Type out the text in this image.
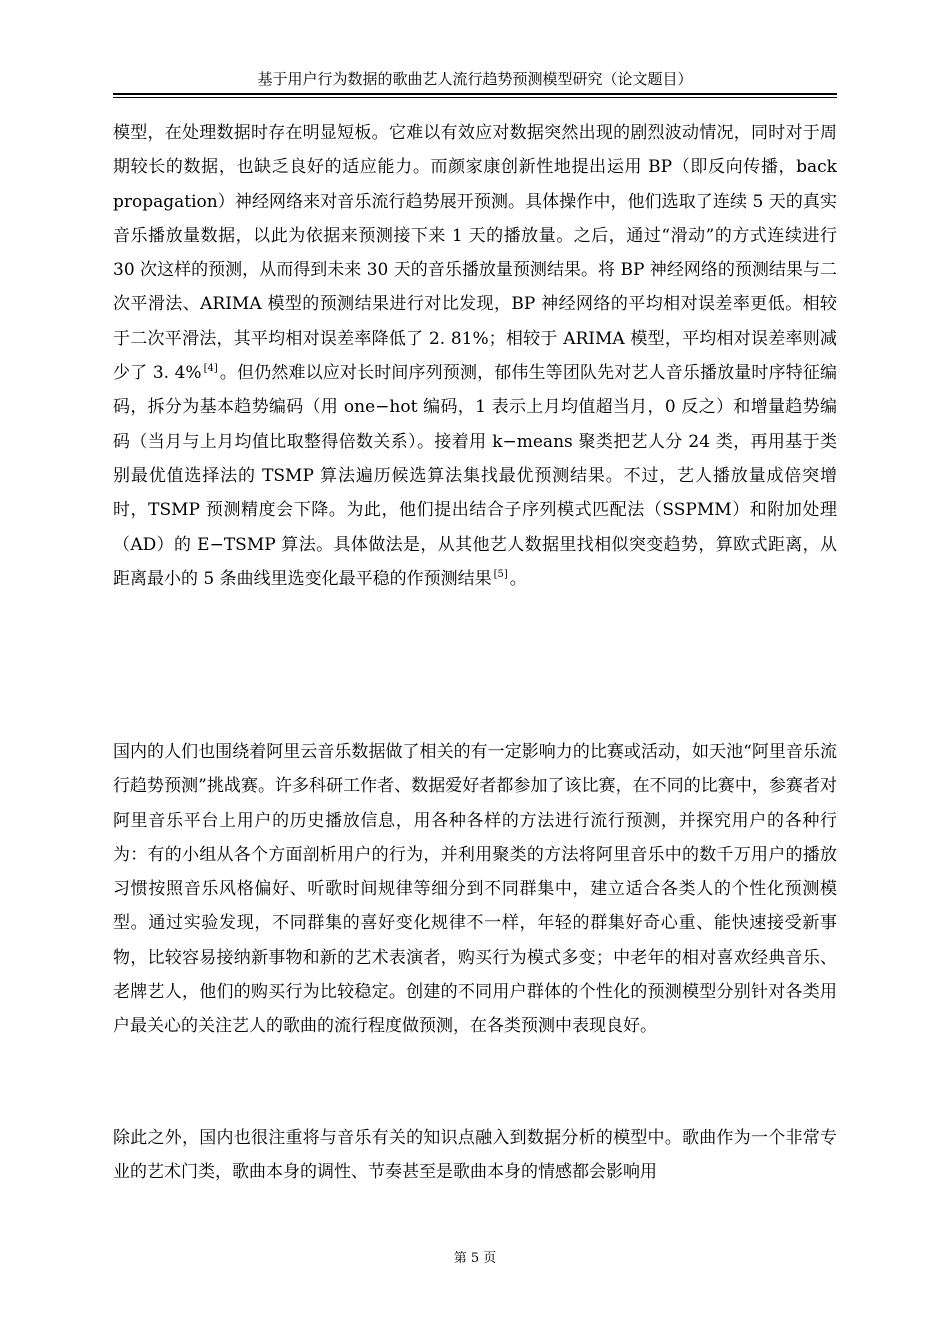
基于用户行为数据的歌曲艺人流行趋势预测模型研究（论文题目）

模型，在处理数据时存在明显短板。它难以有效应对数据突然出现的剧烈波动情况，同时对于周期较长的数据，也缺乏良好的适应能力。而颜家康创新性地提出运用 BP（即反向传播，back propagation）神经网络来对音乐流行趋势展开预测。具体操作中，他们选取了连续 5 天的真实音乐播放量数据，以此为依据来预测接下来 1 天的播放量。之后，通过“滑动”的方式连续进行 30 次这样的预测，从而得到未来 30 天的音乐播放量预测结果。将 BP 神经网络的预测结果与二次平滑法、ARIMA 模型的预测结果进行对比发现，BP 神经网络的平均相对误差率更低。相较于二次平滑法，其平均相对误差率降低了 2. 81%；相较于 ARIMA 模型，平均相对误差率则减少了 3. 4% [4] 。但仍然难以应对长时间序列预测，郁伟生等团队先对艺人音乐播放量时序特征编码，拆分为基本趋势编码（用 one−hot 编码，1 表示上月均值超当月，0 反之）和增量趋势编码（当月与上月均值比取整得倍数关系）。接着用 k−means 聚类把艺人分 24 类，再用基于类别最优值选择法的 TSMP 算法遍历候选算法集找最优预测结果。不过，艺人播放量成倍突增时，TSMP 预测精度会下降。为此，他们提出结合子序列模式匹配法（SSPMM）和附加处理（AD）的 E−TSMP 算法。具体做法是，从其他艺人数据里找相似突变趋势，算欧式距离，从距离最小的 5 条曲线里选变化最平稳的作预测结果 [5] 。

国内的人们也围绕着阿里云音乐数据做了相关的有一定影响力的比赛或活动，如天池“阿里音乐流行趋势预测”挑战赛。许多科研工作者、数据爱好者都参加了该比赛，在不同的比赛中，参赛者对阿里音乐平台上用户的历史播放信息，用各种各样的方法进行流行预测，并探究用户的各种行为：有的小组从各个方面剖析用户的行为，并利用聚类的方法将阿里音乐中的数千万用户的播放习惯按照音乐风格偏好、听歌时间规律等细分到不同群集中，建立适合各类人的个性化预测模型。通过实验发现，不同群集的喜好变化规律不一样，年轻的群集好奇心重、能快速接受新事物，比较容易接纳新事物和新的艺术表演者，购买行为模式多变；中老年的相对喜欢经典音乐、老牌艺人，他们的购买行为比较稳定。创建的不同用户群体的个性化的预测模型分别针对各类用户最关心的关注艺人的歌曲的流行程度做预测，在各类预测中表现良好。

除此之外，国内也很注重将与音乐有关的知识点融入到数据分析的模型中。歌曲作为一个非常专业的艺术门类，歌曲本身的调性、节奏甚至是歌曲本身的情感都会影响用

第 5 页
